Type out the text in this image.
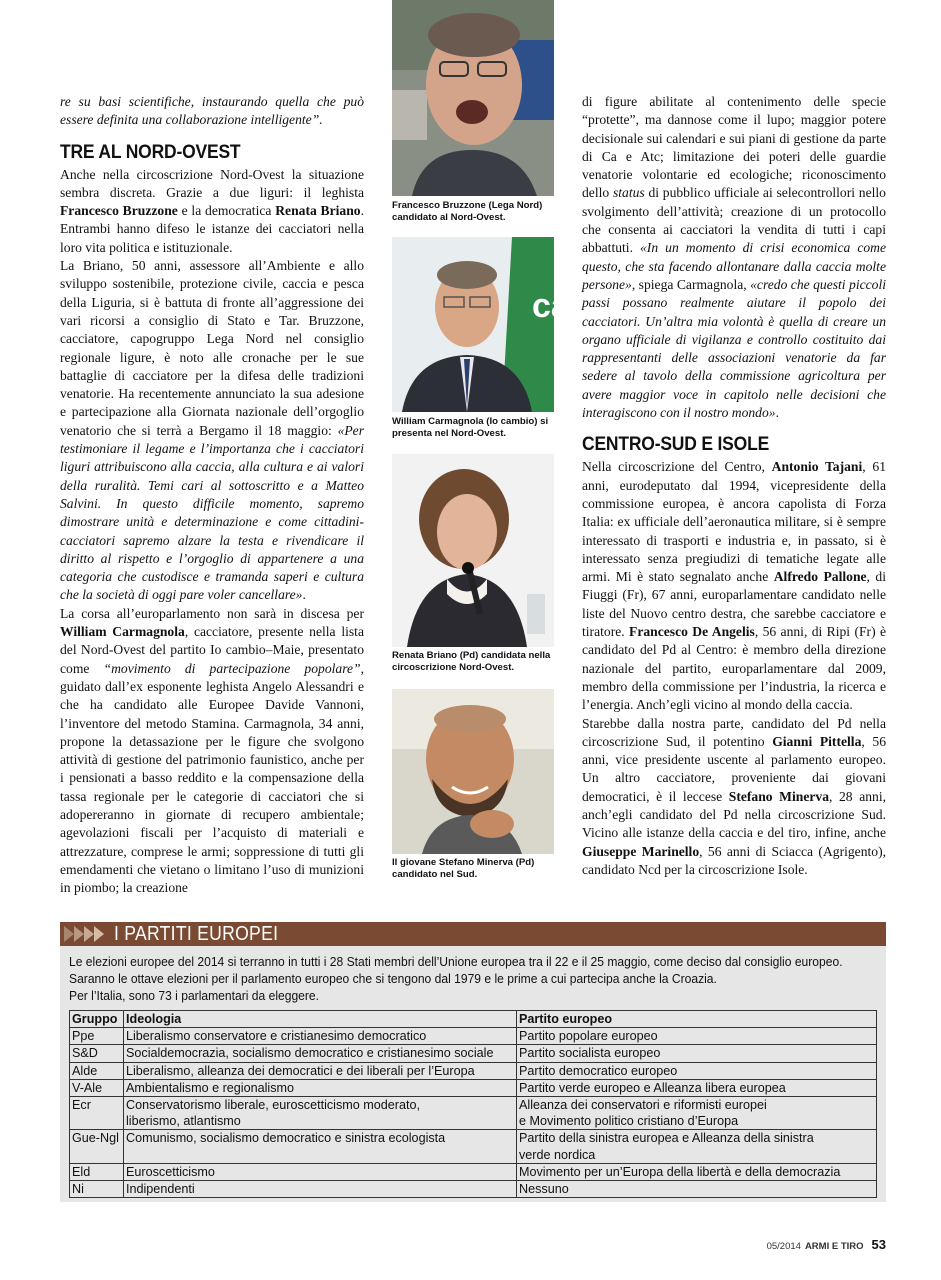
re su basi scientifiche, instaurando quella che può essere definita una collaborazione intelligente”.

TRE AL NORD-OVEST

Anche nella circoscrizione Nord-Ovest la situazione sembra discreta. Grazie a due liguri: il leghista Francesco Bruzzone e la democratica Renata Briano. Entrambi hanno difeso le istanze dei cacciatori nella loro vita politica e istituzionale.

La Briano, 50 anni, assessore all’Ambiente e allo sviluppo sostenibile, protezione civile, caccia e pesca della Liguria, si è battuta di fronte all’aggressione dei vari ricorsi a consiglio di Stato e Tar. Bruzzone, cacciatore, capogruppo Lega Nord nel consiglio regionale ligure, è noto alle cronache per le sue battaglie di cacciatore per la difesa delle tradizioni venatorie. Ha recentemente annunciato la sua adesione e partecipazione alla Giornata nazionale dell’orgoglio venatorio che si terrà a Bergamo il 18 maggio: «Per testimoniare il legame e l’importanza che i cacciatori liguri attribuiscono alla caccia, alla cultura e ai valori della ruralità. Temi cari al sottoscritto e a Matteo Salvini. In questo difficile momento, sapremo dimostrare unità e determinazione e come cittadini-cacciatori sapremo alzare la testa e rivendicare il diritto al rispetto e l’orgoglio di appartenere a una categoria che custodisce e tramanda saperi e cultura che la società di oggi pare voler cancellare».

La corsa all’europarlamento non sarà in discesa per William Carmagnola, cacciatore, presente nella lista del Nord-Ovest del partito Io cambio–Maie, presentato come “movimento di partecipazione popolare”, guidato dall’ex esponente leghista Angelo Alessandri e che ha candidato alle Europee Davide Vannoni, l’inventore del metodo Stamina. Carmagnola, 34 anni, propone la detassazione per le figure che svolgono attività di gestione del patrimonio faunistico, anche per i pensionati a basso reddito e la compensazione della tassa regionale per le categorie di cacciatori che si adopereranno in giornate di recupero ambientale; agevolazioni fiscali per l’acquisto di materiali e attrezzature, comprese le armi; soppressione di tutti gli emendamenti che vietano o limitano l’uso di munizioni in piombo; la creazione

Francesco Bruzzone (Lega Nord) candidato al Nord-Ovest.
ca
William Carmagnola (Io cambio) si presenta nel Nord-Ovest.
Renata Briano (Pd) candidata nella circoscrizione Nord-Ovest.
Il giovane Stefano Minerva (Pd) candidato nel Sud.

di figure abilitate al contenimento delle specie “protette”, ma dannose come il lupo; maggior potere decisionale sui calendari e sui piani di gestione da parte di Ca e Atc; limitazione dei poteri delle guardie venatorie volontarie ed ecologiche; riconoscimento dello status di pubblico ufficiale ai selecontrollori nello svolgimento dell’attività; creazione di un protocollo che consenta ai cacciatori la vendita di tutti i capi abbattuti. «In un momento di crisi economica come questo, che sta facendo allontanare dalla caccia molte persone», spiega Carmagnola, «credo che questi piccoli passi possano realmente aiutare il popolo dei cacciatori. Un’altra mia volontà è quella di creare un organo ufficiale di vigilanza e controllo costituito dai rappresentanti delle associazioni venatorie da far sedere al tavolo della commissione agricoltura per avere maggior voce in capitolo nelle decisioni che interagiscono con il nostro mondo».

CENTRO-SUD E ISOLE

Nella circoscrizione del Centro, Antonio Tajani, 61 anni, eurodeputato dal 1994, vicepresidente della commissione europea, è ancora capolista di Forza Italia: ex ufficiale dell’aeronautica militare, si è sempre interessato di trasporti e industria e, in passato, si è interessato senza pregiudizi di tematiche legate alle armi. Mi è stato segnalato anche Alfredo Pallone, di Fiuggi (Fr), 67 anni, europarlamentare candidato nelle liste del Nuovo centro destra, che sarebbe cacciatore e tiratore. Francesco De Angelis, 56 anni, di Ripi (Fr) è candidato del Pd al Centro: è membro della direzione nazionale del partito, europarlamentare dal 2009, membro della commissione per l’industria, la ricerca e l’energia. Anch’egli vicino al mondo della caccia.

Starebbe dalla nostra parte, candidato del Pd nella circoscrizione Sud, il potentino Gianni Pittella, 56 anni, vice presidente uscente al parlamento europeo. Un altro cacciatore, proveniente dai giovani democratici, è il leccese Stefano Minerva, 28 anni, anch’egli candidato del Pd nella circoscrizione Sud. Vicino alle istanze della caccia e del tiro, infine, anche Giuseppe Marinello, 56 anni di Sciacca (Agrigento), candidato Ncd per la circoscrizione Isole.

I PARTITI EUROPEI

Le elezioni europee del 2014 si terranno in tutti i 28 Stati membri dell’Unione europea tra il 22 e il 25 maggio, come deciso dal consiglio europeo. Saranno le ottave elezioni per il parlamento europeo che si tengono dal 1979 e le prime a cui partecipa anche la Croazia.

Per l’Italia, sono 73 i parlamentari da eleggere.

Gruppo	Ideologia	Partito europeo
Ppe	Liberalismo conservatore e cristianesimo democratico	Partito popolare europeo
S&D	Socialdemocrazia, socialismo democratico e cristianesimo sociale	Partito socialista europeo
Alde	Liberalismo, alleanza dei democratici e dei liberali per l’Europa	Partito democratico europeo
V-Ale	Ambientalismo e regionalismo	Partito verde europeo e Alleanza libera europea
Ecr	Conservatorismo liberale, euroscetticismo moderato,
liberismo, atlantismo	Alleanza dei conservatori e riformisti europei
e Movimento politico cristiano d’Europa
Gue-Ngl	Comunismo, socialismo democratico e sinistra ecologista	Partito della sinistra europea e Alleanza della sinistra
verde nordica
Eld	Euroscetticismo	Movimento per un’Europa della libertà e della democrazia
Ni	Indipendenti	Nessuno
05/2014 ARMI E TIRO 53
